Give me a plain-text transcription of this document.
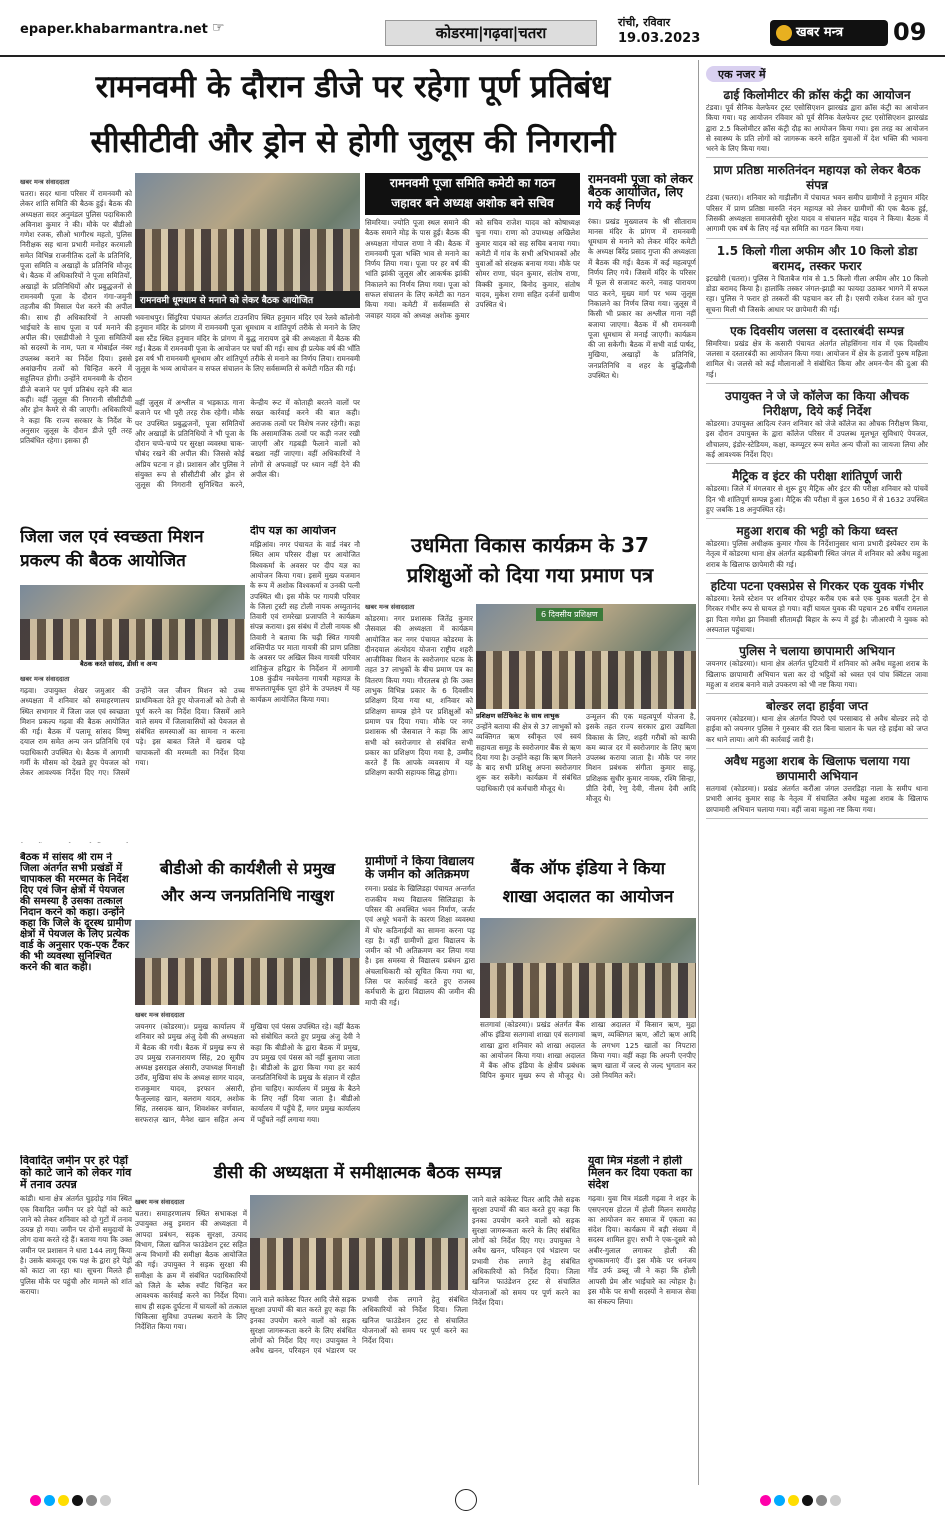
epaper.khabarmantra.net ☞	कोडरमा|गढ़वा|चतरा
रांची, रविवार
19.03.2023	खबर मन्त्र	09
रामनवमी के दौरान डीजे पर रहेगा पूर्ण प्रतिबंध
सीसीटीवी और ड्रोन से होगी जुलूस की निगरानी
खबर मन्त्र संवाददाता
चतरा। सदर थाना परिसर में रामनवमी को लेकर शांति समिति की बैठक हुई। बैठक की अध्यक्षता सदर अनुमंडल पुलिस पदाधिकारी अविनाश कुमार ने की। मौके पर बीडीओ गणेश रजक, सीओ भागीरथ महतो, पुलिस निरीक्षक सह थाना प्रभारी मनोहर करमाली समेत विभिन्न राजनीतिक दलों के प्रतिनिधि, पूजा समिति व अखाड़ों के प्रतिनिधि मौजूद थे। बैठक में अधिकारियों ने पूजा समितियों, अखाड़ों के प्रतिनिधियों और प्रबुद्धजनों से रामनवमी पूजा के दौरान गंगा-जमुनी तहजीब की मिसाल पेश करने की अपील की। साथ ही अधिकारियों ने आपसी भाईचारे के साथ पूजा व पर्व मनाने की अपील की। एसडीपीओ ने पूजा समितियों को सदस्यों के नाम, पता व मोबाईल नंबर उपलब्ध कराने का निर्देश दिया। इससे अवांछनीय तत्वों को चिन्हित करने में सहूलियत होगी। उन्होंने रामनवमी के दौरान डीजे बजाने पर पूर्ण प्रतिबंध रहने की बात कही। वहीं जुलूस की निगरानी सीसीटीवी और ड्रोन कैमरे से की जाएगी। अधिकारियों ने कहा कि राज्य सरकार के निर्देश के अनुसार जुलूस के दौरान डीजे पूरी तरह प्रतिबंधित रहेगा। इसका ही
रामनवमी धूमधाम से मनाने को लेकर बैठक आयोजित
भवनाथपुर। सिंदुरिया पंचायत अंतर्गत टाउनशिप स्थित हनुमान मंदिर एवं रेलवे कॉलोनी हनुमान मंदिर के प्रांगण में रामनवमी पूजा धूमधाम व शांतिपूर्ण तरीके से मनाने के लिए बस स्टैंड स्थित हनुमान मंदिर के प्रांगण में बुद्ध नारायण दुबे की अध्यक्षता में बैठक की गई। बैठक में रामनवमी पूजा के आयोजन पर चर्चा की गई। साथ ही प्रत्येक वर्ष की भाँति इस वर्ष भी रामनवमी धूमधाम और शांतिपूर्ण तरीके से मनाने का निर्णय लिया। रामनवमी जुलूस के भव्य आयोजन व सफल संचालन के लिए सर्वसम्मति से कमेटी गठित की गई।
वहीं जुलूस में अश्लील व भड़काऊ गाना बजाने पर भी पूरी तरह रोक रहेगी। मौके पर उपस्थित प्रबुद्धजनों, पूजा समितियों और अखाड़ों के प्रतिनिधियों ने भी पूजा के दौरान चप्पे-चप्पे पर सुरक्षा व्यवस्था चाक-चौबंद रखने की अपील की। जिससे कोई अप्रिय घटना न हो। प्रशासन और पुलिस ने संयुक्त रूप से सीसीटीवी और ड्रोन से जुलूस की निगरानी सुनिश्चित करने, केन्द्रीय रूट में कोताही बरतने वालों पर सख्त कार्रवाई करने की बात कही। अराजक तत्वों पर विशेष नजर रहेगी। कहा कि असामाजिक तत्वों पर कड़ी नजर रखी जाएगी और गड़बड़ी फैलाने वालों को बख्शा नहीं जाएगा। वहीं अधिकारियों ने लोगों से अफवाहों पर ध्यान नहीं देने की अपील की।
रामनवमी पूजा समिति कमेटी का गठन
जहावर बने अध्यक्ष अशोक बने सचिव
सिमरिया। ज्योति पूजा स्थल समाने की बैठक समाने मोड़ के पास हुई। बैठक की अध्यक्षता गोपाल राणा ने की। बैठक में रामनवमी पूजा भक्ति भाव से मनाने का निर्णय लिया गया। पूजा पर हर वर्ष की भांति झांकी जुलूस और आकर्षक झांकी निकालने का निर्णय लिया गया। पूजा को सफल संचालन के लिए कमेटी का गठन किया गया। कमेटी में सर्वसम्मति से जवाहर यादव को अध्यक्ष अशोक कुमार को सचिव राजेश यादव को कोषाध्यक्ष चुना गया। राणा को उपाध्यक्ष अखिलेश कुमार यादव को सह सचिव बनाया गया। कमेटी में गांव के सभी अभिभावकों और युवाओं को संरक्षक बनाया गया। मौके पर सोमर राणा, चंदन कुमार, संतोष राणा, विक्की कुमार, बिनोद कुमार, संतोष यादव, मुकेश राणा सहित दर्जनों ग्रामीण उपस्थित थे।
रामनवमी पूजा को लेकर बैठक आयोजित, लिए गये कई निर्णय
रंका। प्रखंड मुख्यालय के श्री सीताराम मानस मंदिर के प्रांगण में रामनवमी धूमधाम से मनाने को लेकर मंदिर कमेटी के अध्यक्ष बिरेंद्र प्रसाद गुप्ता की अध्यक्षता में बैठक की गई। बैठक में कई महत्वपूर्ण निर्णय लिए गये। जिसमें मंदिर के परिसर में फूल से सजावट करने, नवाह पारायण पाठ करने, मुख्य मार्ग पर भव्य जुलूस निकालने का निर्णय लिया गया। जुलूस में किसी भी प्रकार का अश्लील गाना नहीं बजाया जाएगा। बैठक में श्री रामनवमी पूजा धूमधाम से मनाई जाएगी। कार्यक्रम की जा सकेगी। बैठक में सभी वार्ड पार्षद, मुखिया, अखाड़ों के प्रतिनिधि, जनप्रतिनिधि व शहर के बुद्धिजीवी उपस्थित थे।
जिला जल एवं स्वच्छता मिशन प्रकल्प की बैठक आयोजित
बैठक करते सांसद, डीसी व अन्य
खबर मन्त्र संवाददाता
गढ़वा। उपायुक्त शेखर जमुआर की अध्यक्षता में शनिवार को समाहरणालय स्थित सभागार में जिला जल एवं स्वच्छता मिशन प्रकल्प गढ़वा की बैठक आयोजित की गई। बैठक में पलामू सांसद विष्णु दयाल राम समेत अन्य जन प्रतिनिधि एवं पदाधिकारी उपस्थित थे। बैठक में आगामी गर्मी के मौसम को देखते हुए पेयजल को लेकर आवश्यक निर्देश दिए गए। जिसमें उन्होंने जल जीवन मिशन को उच्च प्राथमिकता देते हुए योजनाओं को तेजी से पूर्ण करने का निर्देश दिया। जिसमें आने वाले समय में जिलावासियों को पेयजल से संबंधित समस्याओं का सामना न करना पड़े। इस बाबत जिले में खराब पड़े चापाकलों की मरम्मती का निर्देश दिया गया।
दीप यज्ञ का आयोजन
मझिआंव। नगर पंचायत के वार्ड नंबर नौ स्थित आम परिसर दीक्षा पर आयोजित विश्वकर्मा के अवसर पर दीप यज्ञ का आयोजन किया गया। इसमें मुख्य यजमान के रूप में अशोक विश्वकर्मा व उनकी पत्नी उपस्थित थी। इस मौके पर गायत्री परिवार के जिला ट्रस्टी सह टोली नायक अच्युतानंद तिवारी एवं रामरेखा प्रजापति ने कार्यक्रम संपन्न कराया। इस संबंध में टोली नायक श्री तिवारी ने बताया कि चढ़ी स्थित गायत्री शक्तिपीठ पर माता गायत्री की प्राण प्रतिष्ठा के अवसर पर अखिल विश्व गायत्री परिवार शांतिकुंज हरिद्वार के निर्देशन में आगामी 108 कुंडीय नवचेतना गायत्री महायज्ञ के सफलतापूर्वक पूरा होने के उपलक्ष्य में यह कार्यक्रम आयोजित किया गया।
उधमिता विकास कार्यक्रम के 37
प्रशिक्षुओं को दिया गया प्रमाण पत्र
खबर मन्त्र संवाददाता
कोडरमा। नगर प्रशासक जितेंद्र कुमार जैसवाल की अध्यक्षता में कार्यक्रम आयोजित कर नगर पंचायत कोडरमा के दीनदयाल अंत्योदय योजना राष्ट्रीय शहरी आजीविका मिशन के स्वरोजगार घटक के तहत 37 लाभुकों के बीच प्रमाण पत्र का वितरण किया गया। गौरतलब हो कि उक्त लाभुक विभिन्न प्रकार के 6 दिवसीय प्रशिक्षण दिया गया था, शनिवार को प्रशिक्षण सम्पन्न होने पर प्रशिक्षुओं को प्रमाण पत्र दिया गया। मौके पर नगर प्रशासक श्री जैसवाल ने कहा कि आप सभी को स्वरोजगार से संबंधित सभी प्रकार का प्रशिक्षण दिया गया है, उम्मीद करते हैं कि आपके व्यवसाय में यह प्रशिक्षण काफी सहायक सिद्ध होगा।
6 दिवसीय प्रशिक्षण
प्रशिक्षण सर्टिफिकेट के साथ लाभुक
उन्होंने बताया की क्षेत्र से 37 लाभुकों को व्यक्तिगत ऋण स्वीकृत एवं स्वयं सहायता समूह के स्वरोजगार बैंक से ऋण दिया गया है। उन्होंने कहा कि ऋण मिलने के बाद सभी प्रशिक्षु अपना स्वरोजगार शुरू कर सकेंगे। कार्यक्रम में संबंधित पदाधिकारी एवं कर्मचारी मौजूद थे।
उन्मूलन की एक महत्वपूर्ण योजना है, इसके तहत राज्य सरकार द्वारा उद्यमिता विकास के लिए, शहरी गरीबों को काफी कम ब्याज दर में स्वरोजगार के लिए ऋण उपलब्ध कराया जाता है। मौके पर नगर मिशन प्रबंधक संगीता कुमार साहू, प्रशिक्षक सुधीर कुमार नायक, रश्मि सिन्हा, प्रीति देवी, रेणु देवी, नीलम देवी आदि मौजूद थे।
बैठक में सांसद श्री राम ने जिला अंतर्गत सभी प्रखंडों में चापाकल की मरम्मत के निर्देश दिए एवं जिन क्षेत्रों में पेयजल की समस्या है उसका तत्काल निदान करने को कहा। उन्होंने कहा कि जिले के दूरस्थ ग्रामीण क्षेत्रों में पेयजल के लिए प्रत्येक वार्ड के अनुसार एक-एक टैंकर की भी व्यवस्था सुनिश्चित करने की बात कही।
बीडीओ की कार्यशैली से प्रमुख
और अन्य जनप्रतिनिधि नाखुश
खबर मन्त्र संवाददाता
जयनगर (कोडरमा)। प्रमुख कार्यालय में शनिवार को प्रमुख अंजु देवी की अध्यक्षता में बैठक की गयी। बैठक में प्रमुख रूप से उप प्रमुख राजनारायण सिंह, 20 सूत्रीय अध्यक्ष इसराइल अंसारी, उपाध्यक्ष मिनाक्षी उरॉव, मुखिया संघ के अध्यक्ष सागर यादव, राजकुमार यादव, इरफान अंसारी, फैजुल्लाह खान, बलराम यादव, अशोक सिंह, तस्सदक खान, शिवशंकर वर्णवाल, सरफराज़ खान, मैनेश खान सहित अन्य मुखिया एवं पंसस उपस्थित रहे। वहीं बैठक को संबोधित करते हुए प्रमुख अंजु देवी ने कहा कि बीडीओ के द्वारा बैठक में प्रमुख, उप प्रमुख एवं पंसस को नहीं बुलाया जाता है। बीडीओ के द्वारा किया गया हर कार्य जनप्रतिनिधियों के प्रमुख के संज्ञान में रहीत होना चाहिए। कार्यालय में प्रमुख के बैठने के लिए नहीं दिया जाता है। बीडीओ कार्यालय में पहुँचे हैं, मगर प्रमुख कार्यालय में पहुँचते नहीं लगाया गया।
ग्रामीणों ने किया विद्यालय के जमीन को अतिक्रमण
रमना। प्रखंड के खिलिडहा पंचायत अन्तर्गत राजकीय मध्य विद्यालय सिलिडाहा के परिसर की अवस्थित भवन निर्माण, जर्जर एवं अधूरे भवनों के कारण शिक्षा व्यवस्था में घोर कठिनाईयों का सामना करना पड़ रहा है। वहीं ग्रामीणों द्वारा विद्यालय के जमीन को भी अतिक्रमण कर लिया गया है। इस समस्या से विद्यालय प्रबंधन द्वारा अंचलाधिकारी को सूचित किया गया था, जिस पर कार्रवाई करते हुए राजस्व कर्मचारी के द्वारा विद्यालय की जमीन की मापी की गई।
बैंक ऑफ इंडिया ने किया
शाखा अदालत का आयोजन
सतगावां (कोडरमा)। प्रखंड अंतर्गत बैंक ऑफ इंडिया सतगावां शाखा एवं सतगावां शाखा द्वारा शनिवार को शाखा अदालत का आयोजन किया गया। शाखा अदालत में बैंक ऑफ इंडिया के क्षेत्रीय प्रबंधक विपिन कुमार मुख्य रूप से मौजूद थे। शाखा अदालत में किसान ऋण, मुद्रा ऋण, व्यक्तिगत ऋण, ऑटो ऋण आदि के लगभग 125 खातों का निपटारा किया गया। वहीं कहा कि अपनी एनपीए ऋण खाता में जल्द से जल्द भुगतान कर उसे नियमित करें।
विवादित जमीन पर हरे पेड़ों को काटे जाने को लेकर गांव में तनाव उत्पन्न
कांडी। थाना क्षेत्र अंतर्गत घुड़दोड़ गांव स्थित एक विवादित जमीन पर हरे पेड़ों को काटे जाने को लेकर शनिवार को दो गुटों में तनाव उत्पन्न हो गया। जमीन पर दोनों समुदायों के लोग दावा करते रहे हैं। बताया गया कि उक्त जमीन पर प्रशासन ने धारा 144 लागू किया है। उसके बावजूद एक पक्ष के द्वारा हरे पेड़ों को काटा जा रहा था। सूचना मिलते ही पुलिस मौके पर पहुंची और मामले को शांत कराया।
डीसी की अध्यक्षता में समीक्षात्मक बैठक सम्पन्न
खबर मन्त्र संवाददाता
चतरा। समाहरणालय स्थित सभाकक्ष में उपायुक्त अबु इमरान की अध्यक्षता में आपदा प्रबंधन, सड़क सुरक्षा, उत्पाद विभाग, जिला खनिज फाउंडेशन ट्रस्ट सहित अन्य विभागों की समीक्षा बैठक आयोजित की गई। उपायुक्त ने सड़क सुरक्षा की समीक्षा के क्रम में संबंधित पदाधिकारियों को जिले के ब्लैक स्पॉट चिन्हित कर आवश्यक कार्रवाई करने का निर्देश दिया। साथ ही सड़क दुर्घटना में घायलों को तत्काल चिकित्सा सुविधा उपलब्ध कराने के लिए निर्देशित किया गया।
जाने वाले कांकेस्ट पितर आदि जैसे सड़क सुरक्षा उपायों की बात करते हुए कहा कि इनका उपयोग करने वालों को सड़क सुरक्षा जागरूकता करने के लिए संबंधित लोगों को निर्देश दिए गए। उपायुक्त ने अवैध खनन, परिवहन एवं भंडारण पर प्रभावी रोक लगाने हेतु संबंधित अधिकारियों को निर्देश दिया। जिला खनिज फाउंडेशन ट्रस्ट से संचालित योजनाओं को समय पर पूर्ण करने का निर्देश दिया।
जाने वाले कांकेस्ट पितर आदि जैसे सड़क सुरक्षा उपायों की बात करते हुए कहा कि इनका उपयोग करने वालों को सड़क सुरक्षा जागरूकता करने के लिए संबंधित लोगों को निर्देश दिए गए। उपायुक्त ने अवैध खनन, परिवहन एवं भंडारण पर प्रभावी रोक लगाने हेतु संबंधित अधिकारियों को निर्देश दिया। जिला खनिज फाउंडेशन ट्रस्ट से संचालित योजनाओं को समय पर पूर्ण करने का निर्देश दिया।
युवा मित्र मंडली ने होली मिलन कर दिया एकता का संदेश
गढ़वा। युवा मित्र मंडली गढ़वा ने शहर के एसएनएस होटल में होली मिलन समारोह का आयोजन कर समाज में एकता का संदेश दिया। कार्यक्रम में बड़ी संख्या में सदस्य शामिल हुए। सभी ने एक-दूसरे को अबीर-गुलाल लगाकर होली की शुभकामनाएं दीं। इस मौके पर धनंजय गोंड उर्फ डब्लू जी ने कहा कि होली आपसी प्रेम और भाईचारे का त्योहार है। इस मौके पर सभी सदस्यों ने समाज सेवा का संकल्प लिया।
एक नजर में
ढाई किलोमीटर की क्रॉस कंट्री का आयोजन
टंडवा। पूर्व सैनिक वेलफेयर ट्रस्ट एसोसिएशन झारखंड द्वारा क्रॉस कंट्री का आयोजन किया गया। यह आयोजन रविवार को पूर्व सैनिक वेलफेयर ट्रस्ट एसोसिएशन झारखंड द्वारा 2.5 किलोमीटर क्रॉस कंट्री दौड़ का आयोजन किया गया। इस तरह का आयोजन से स्वास्थ्य के प्रति लोगों को जागरूक करने सहित युवाओं में देश भक्ति की भावना भरने के लिए किया गया।
प्राण प्रतिष्ठा मारुतिनंदन महायज्ञ को लेकर बैठक संपन्न
टंडवा (चतरा)। शनिवार को गाड़ीलौंग में पंचायत भवन समीप ग्रामीणों ने हनुमान मंदिर परिसर में प्राण प्रतिष्ठा मारुति नंदन महायज्ञ को लेकर ग्रामीणों की एक बैठक हुई, जिसकी अध्यक्षता समाजसेवी सुरेश यादव व संचालन महेंद्र यादव ने किया। बैठक में आगामी एक वर्ष के लिए नई यज्ञ समिति का गठन किया गया।
1.5 किलो गीला अफीम और 10 किलो डोडा बरामद, तस्कर फरार
इटखोरी (चतरा)। पुलिस ने चिताबैज गांव से 1.5 किलो गीला अफीम और 10 किलो डोडा बरामद किया है। हालांकि तस्कर जंगल-झाड़ी का फायदा उठाकर भागने में सफल रहा। पुलिस ने फरार हो तस्करों की पहचान कर ली है। एसपी राकेश रंजन को गुप्त सूचना मिली थी जिसके आधार पर छापेमारी की गई।
एक दिवसीय जलसा व दस्तारबंदी सम्पन्न
सिमरिया। प्रखंड क्षेत्र के कसारी पंचायत अंतर्गत लोहसिंगना गांव में एक दिवसीय जलसा व दस्तारबंदी का आयोजन किया गया। आयोजन में क्षेत्र के हजारों पुरुष महिला शामिल थे। जलसे को कई मौलानाओं ने संबोधित किया और अमन-चैन की दुआ की गई।
उपायुक्त ने जे जे कॉलेज का किया औचक निरीक्षण, दिये कई निर्देश
कोडरमा। उपायुक्त आदित्य रंजन शनिवार को जेजे कॉलेज का औचक निरीक्षण किया, इस दौरान उपायुक्त के द्वारा कॉलेज परिसर में उपलब्ध मूलभूत सुविधाएं पेयजल, शौचालय, इंडोर-स्टेडियम, कक्षा, कम्प्यूटर रूम समेत अन्य चीजों का जायजा लिया और कई आवश्यक निर्देश दिए।
मैट्रिक व इंटर की परीक्षा शांतिपूर्ण जारी
कोडरमा। जिले में मंगलवार से शुरू हुए मैट्रिक और इंटर की परीक्षा शनिवार को पांचवें दिन भी शांतिपूर्ण सम्पन्न हुआ। मैट्रिक की परीक्षा में कुल 1650 में से 1632 उपस्थित हुए जबकि 18 अनुपस्थित रहे।
महुआ शराब की भट्ठी को किया ध्वस्त
कोडरमा। पुलिस अधीक्षक कुमार गौरव के निर्देशानुसार थाना प्रभारी इंस्पेक्टर राम के नेतृत्व में कोडरमा थाना क्षेत्र अंतर्गत बड़कीबगी स्थित जंगल में शनिवार को अवैध महुआ शराब के खिलाफ छापेमारी की गई।
हटिया पटना एक्सप्रेस से गिरकर एक युवक गंभीर
कोडरमा। रेलवे स्टेशन पर शनिवार दोपहर करीब एक बजे एक युवक चलती ट्रेन से गिरकर गंभीर रूप से घायल हो गया। वहीं घायल युवक की पहचान 26 वर्षीय रामलाल झा पिता गणेश झा निवासी सीतामढ़ी बिहार के रूप में हुई है। जीआरपी ने युवक को अस्पताल पहुंचाया।
पुलिस ने चलाया छापामारी अभियान
जयनगर (कोडरमा)। थाना क्षेत्र अंतर्गत घुटियारी में शनिवार को अवैध महुआ शराब के खिलाफ छापामारी अभियान चला कर दो भट्ठियों को ध्वस्त एवं पांच क्विंटल जावा महुआ व शराब बनाने वाले उपकरण को भी नष्ट किया गया।
बोल्डर लदा हाईवा जप्त
जयनगर (कोडरमा)। थाना क्षेत्र अंतर्गत पिपरो एवं परसाबाद से अवैध बोल्डर लदे दो हाईवा को जयनगर पुलिस ने गुरुवार की रात बिना चालान के चल रहे हाईवा को जप्त कर थाने लाया। आगे की कार्रवाई जारी है।
अवैध महुआ शराब के खिलाफ चलाया गया छापामारी अभियान
सतगावां (कोडरमा)। प्रखंड अंतर्गत करौंआ जंगल उत्तरडिहा नाला के समीप थाना प्रभारी आनंद कुमार साह के नेतृत्व में संचालित अवैध महुआ शराब के खिलाफ छापामारी अभियान चलाया गया। वहीं जावा महुआ नष्ट किया गया।
